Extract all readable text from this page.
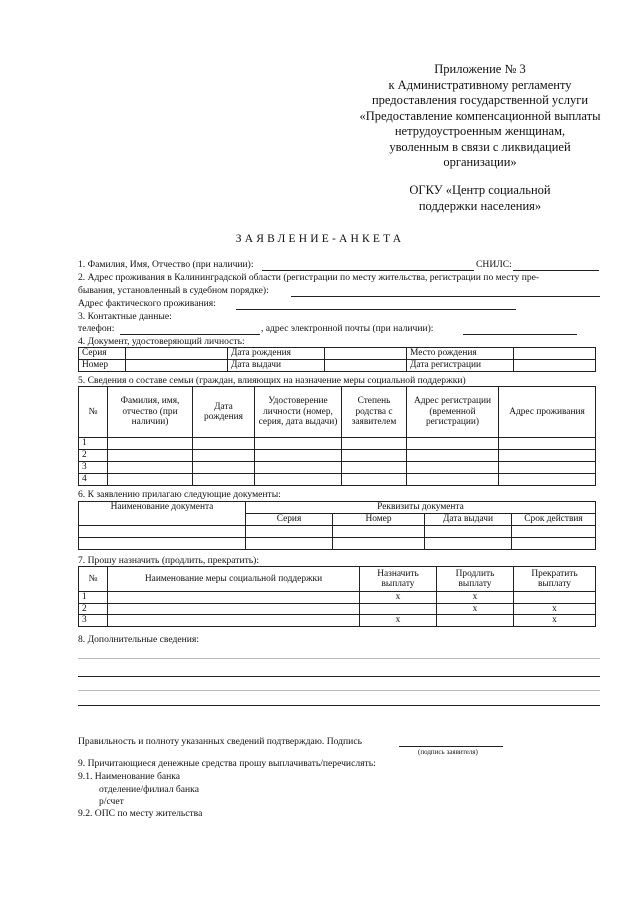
Приложение № 3
к Административному регламенту
предоставления государственной услуги
«Предоставление компенсационной выплаты
нетрудоустроенным женщинам,
уволенным в связи с ликвидацией
организации»
ОГКУ «Центр социальной
поддержки населения»
ЗАЯВЛЕНИЕ-АНКЕТА
1. Фамилия, Имя, Отчество (при наличии):	СНИЛС:
2. Адрес проживания в Калининградской области (регистрации по месту жительства, регистрации по месту пре-
бывания, установленный в судебном порядке):
Адрес фактического проживания:
3. Контактные данные:
телефон:	, адрес электронной почты (при наличии):
4. Документ, удостоверяющий личность:
Серия		Дата рождения		Место рождения	
Номер		Дата выдачи		Дата регистрации	
5. Сведения о составе семьи (граждан, влияющих на назначение меры социальной поддержки)
№	Фамилия, имя, отчество (при наличии)	Дата рождения	Удостоверение личности (номер, серия, дата выдачи)	Степень родства с заявителем	Адрес регистрации (временной регистрации)	Адрес проживания
1						
2						
3						
4						
6. К заявлению прилагаю следующие документы:
Наименование документа	Реквизиты документа			
	Серия	Номер	Дата выдачи	Срок действия

7. Прошу назначить (продлить, прекратить):
№	Наименование меры социальной поддержки	Назначить выплату	Продлить выплату	Прекратить выплату
1		x	x	
2			x	x
3		x		x
8. Дополнительные сведения:
Правильность и полноту указанных сведений подтверждаю. Подпись
(подпись заявителя)
9. Причитающиеся денежные средства прошу выплачивать/перечислять:
9.1. Наименование банка
отделение/филиал банка
р/счет
9.2. ОПС по месту жительства
